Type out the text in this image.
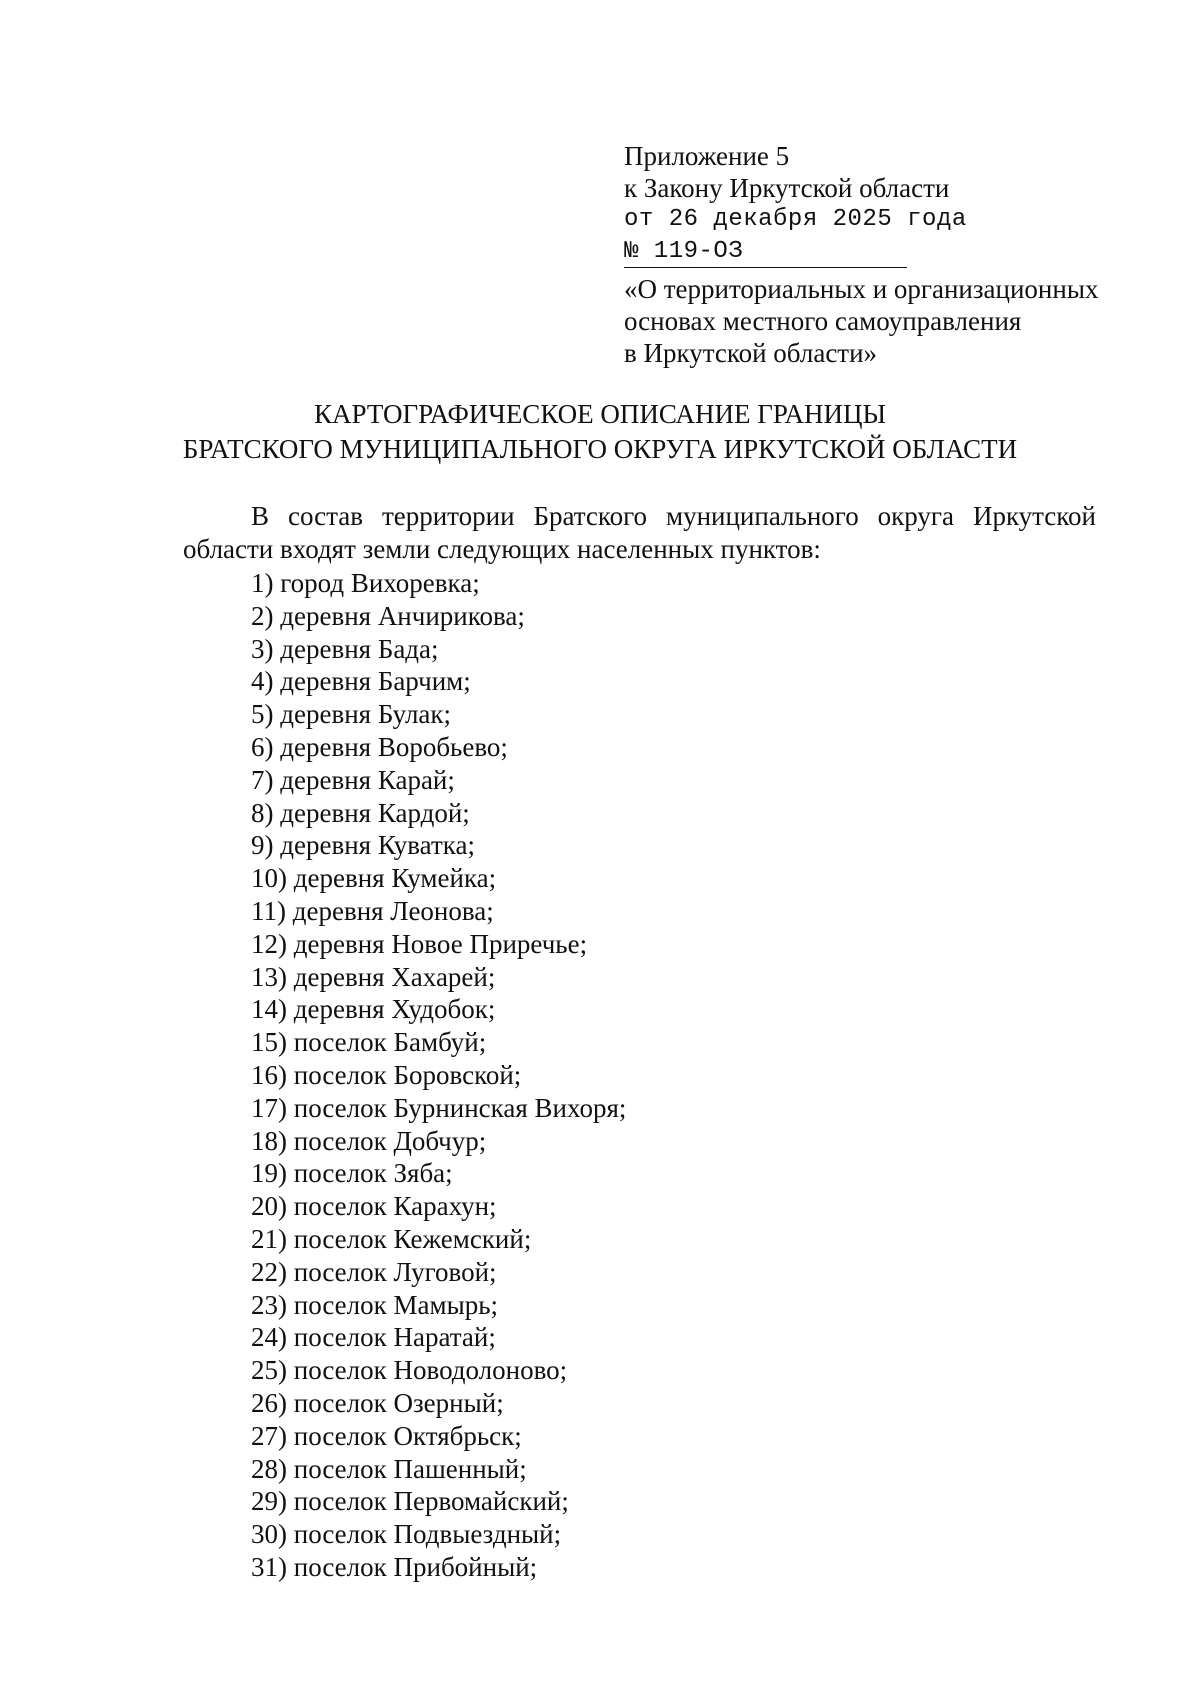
Приложение 5
к Закону Иркутской области
от 26 декабря 2025 года
№ 119-ОЗ
«О территориальных и организационных
основах местного самоуправления
в Иркутской области»
КАРТОГРАФИЧЕСКОЕ ОПИСАНИЕ ГРАНИЦЫ
БРАТСКОГО МУНИЦИПАЛЬНОГО ОКРУГА ИРКУТСКОЙ ОБЛАСТИ
В состав территории Братского муниципального округа Иркутской области входят земли следующих населенных пунктов:
1) город Вихоревка;
2) деревня Анчирикова;
3) деревня Бада;
4) деревня Барчим;
5) деревня Булак;
6) деревня Воробьево;
7) деревня Карай;
8) деревня Кардой;
9) деревня Куватка;
10) деревня Кумейка;
11) деревня Леонова;
12) деревня Новое Приречье;
13) деревня Хахарей;
14) деревня Худобок;
15) поселок Бамбуй;
16) поселок Боровской;
17) поселок Бурнинская Вихоря;
18) поселок Добчур;
19) поселок Зяба;
20) поселок Карахун;
21) поселок Кежемский;
22) поселок Луговой;
23) поселок Мамырь;
24) поселок Наратай;
25) поселок Новодолоново;
26) поселок Озерный;
27) поселок Октябрьск;
28) поселок Пашенный;
29) поселок Первомайский;
30) поселок Подвыездный;
31) поселок Прибойный;
